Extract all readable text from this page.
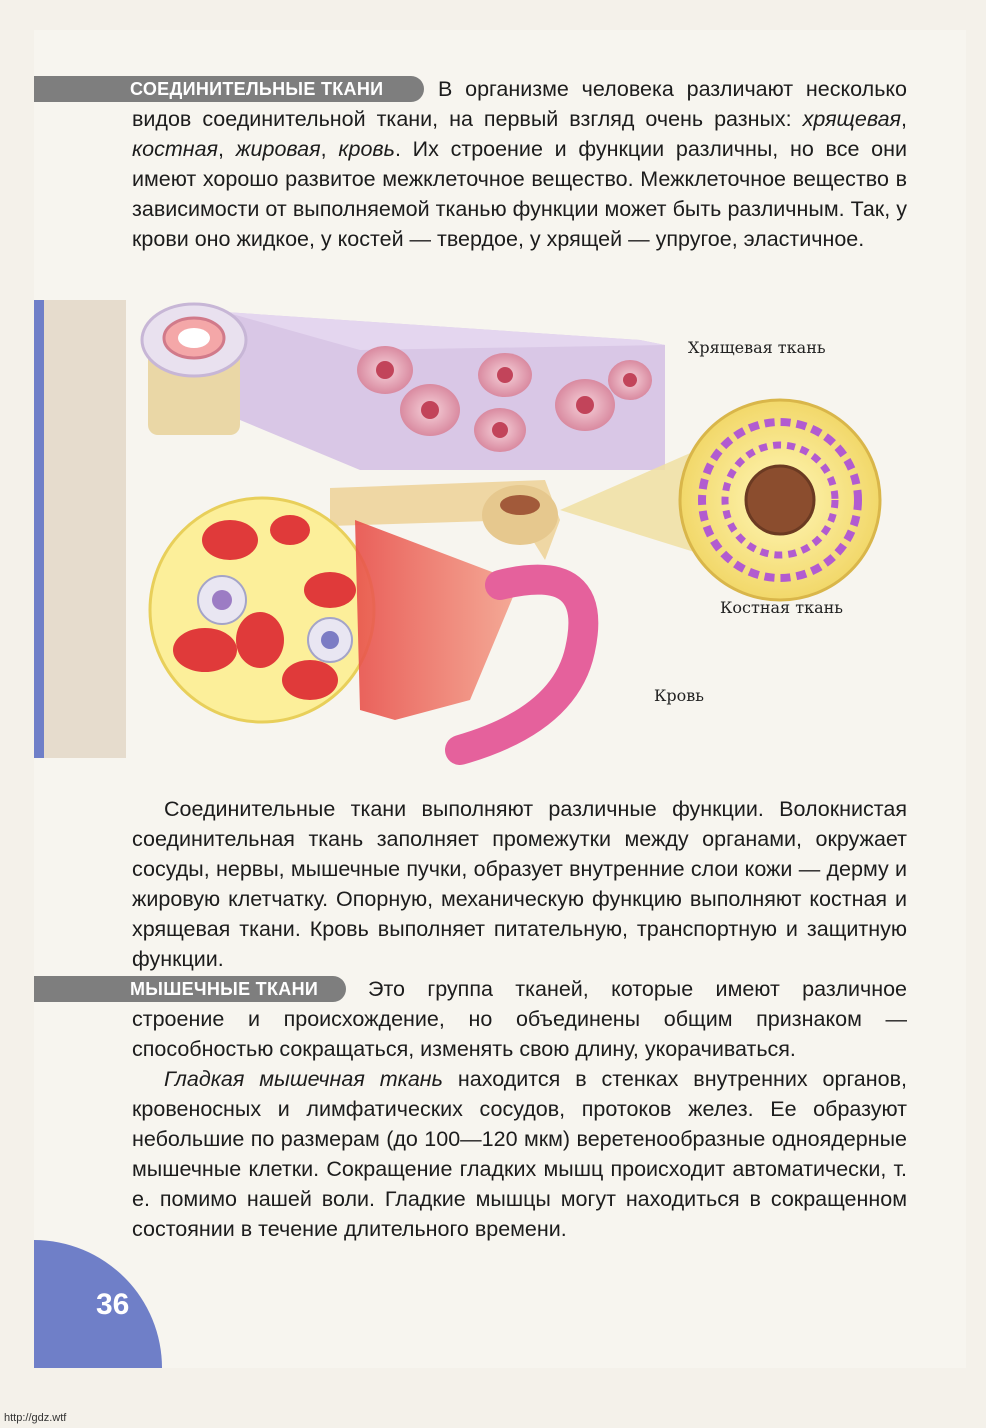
СОЕДИНИТЕЛЬНЫЕ ТКАНИ	В организме человека различают несколько видов соединительной ткани, на первый взгляд очень разных: хрящевая, костная, жировая, кровь. Их строение и функции различны, но все они имеют хорошо развитое межклеточное вещество. Межклеточное вещество в зависимости от выполняемой тканью функции может быть различным. Так, у крови оно жидкое, у костей — твердое, у хрящей — упругое, эластичное.

Хрящевая ткань
Костная ткань
Кровь

Соединительные ткани выполняют различные функции. Волокнистая соединительная ткань заполняет промежутки между органами, окружает сосуды, нервы, мышечные пучки, образует внутренние слои кожи — дерму и жировую клетчатку. Опорную, механическую функцию выполняют костная и хрящевая ткани. Кровь выполняет питательную, транспортную и защитную функции.

МЫШЕЧНЫЕ ТКАНИ	Это группа тканей, которые имеют различное строение и происхождение, но объединены общим признаком — способностью сокращаться, изменять свою длину, укорачиваться.

Гладкая мышечная ткань находится в стенках внутренних органов, кровеносных и лимфатических сосудов, протоков желез. Ее образуют небольшие по размерам (до 100—120 мкм) веретенообразные одноядерные мышечные клетки. Сокращение гладких мышц происходит автоматически, т. е. помимо нашей воли. Гладкие мышцы могут находиться в сокращенном состоянии в течение длительного времени.

36
http://gdz.wtf
